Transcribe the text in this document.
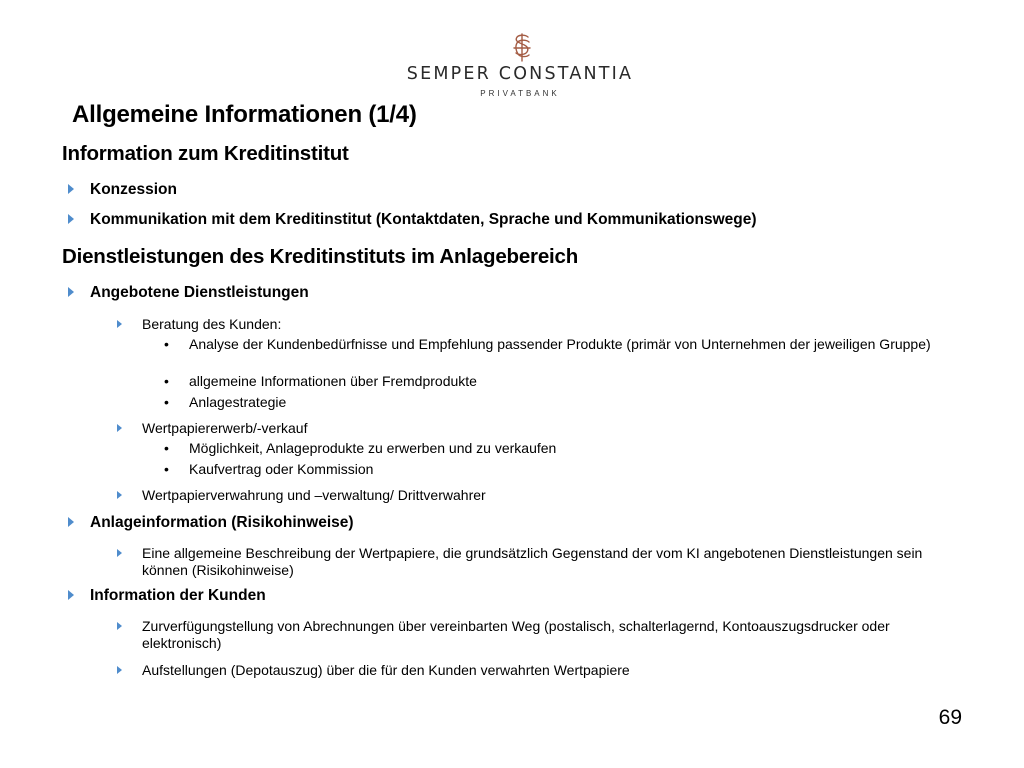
SEMPER CONSTANTIA
PRIVATBANK
Allgemeine Informationen (1/4)
Information zum Kreditinstitut
Konzession
Kommunikation mit dem Kreditinstitut (Kontaktdaten, Sprache und Kommunikationswege)
Dienstleistungen des Kreditinstituts im Anlagebereich
Angebotene Dienstleistungen
Beratung des Kunden:
•	Analyse der Kundenbedürfnisse und Empfehlung passender Produkte (primär von Unternehmen der jeweiligen Gruppe)
•	allgemeine Informationen über Fremdprodukte
•	Anlagestrategie
Wertpapiererwerb/-verkauf
•	Möglichkeit, Anlageprodukte zu erwerben und zu verkaufen
•	Kaufvertrag oder Kommission
Wertpapierverwahrung und –verwaltung/ Drittverwahrer
Anlageinformation (Risikohinweise)
Eine allgemeine Beschreibung der Wertpapiere, die grundsätzlich Gegenstand der vom KI angebotenen Dienstleistungen sein können (Risikohinweise)
Information der Kunden
Zurverfügungstellung von Abrechnungen über vereinbarten Weg (postalisch, schalterlagernd, Kontoauszugsdrucker oder elektronisch)
Aufstellungen (Depotauszug) über die für den Kunden verwahrten Wertpapiere
69
